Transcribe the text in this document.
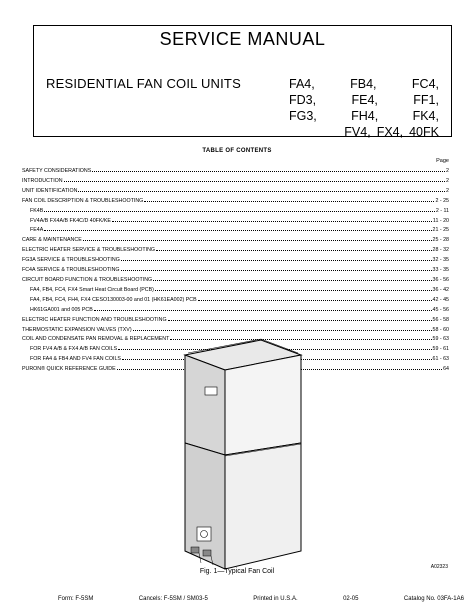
SERVICE MANUAL
RESIDENTIAL FAN COIL UNITS	FA4,	FB4,	FC4,
FD3,	FE4,	FF1,
FG3,	FH4,	FK4,
FV4, FX4, 40FK
TABLE OF CONTENTS
Page
SAFETY CONSIDERATIONS	2
INTRODUCTION	2
UNIT IDENTIFICATION	2
FAN COIL DESCRIPTION & TROUBLESHOOTING	2 - 25
FK4B	2 - 11
FV4A/B FX4A/B FK4C/D 40FK/KE	11 - 20
FE4A	21 - 25
CARE & MAINTENANCE	25 - 28
ELECTRIC HEATER SERVICE & TROUBLESHOOTING	28 - 32
FG3A SERVICE & TROUBLESHOOTING	32 - 35
FC4A SERVICE & TROUBLESHOOTING	33 - 35
CIRCUIT BOARD FUNCTION & TROUBLESHOOTING	36 - 56
FA4, FB4, FC4, FX4 Smart Heat Circuit Board (PCB)	36 - 42
FA4, FB4, FC4, FH4, FX4 CESO130003-00 and 01 (HK61EA002) PCB	42 - 45
HK61GA001 and 005 PCB	45 - 56
ELECTRIC HEATER FUNCTION AND TROUBLESHOOTING	56 - 58
THERMOSTATIC EXPANSION VALVES (TXV)	58 - 60
COIL AND CONDENSATE PAN REMOVAL & REPLACEMENT	59 - 63
FOR FV4 A/B & FX4 A/B FAN COILS	59 - 61
FOR FA4 & FB4 AND FV4 FAN COILS	61 - 63
PURON® QUICK REFERENCE GUIDE	64
A02323
Fig. 1—Typical Fan Coil
Form: F-5SM	Cancels: F-5SM / SM03-5	Printed in U.S.A.	02-05	Catalog No. 03FA-1A6
